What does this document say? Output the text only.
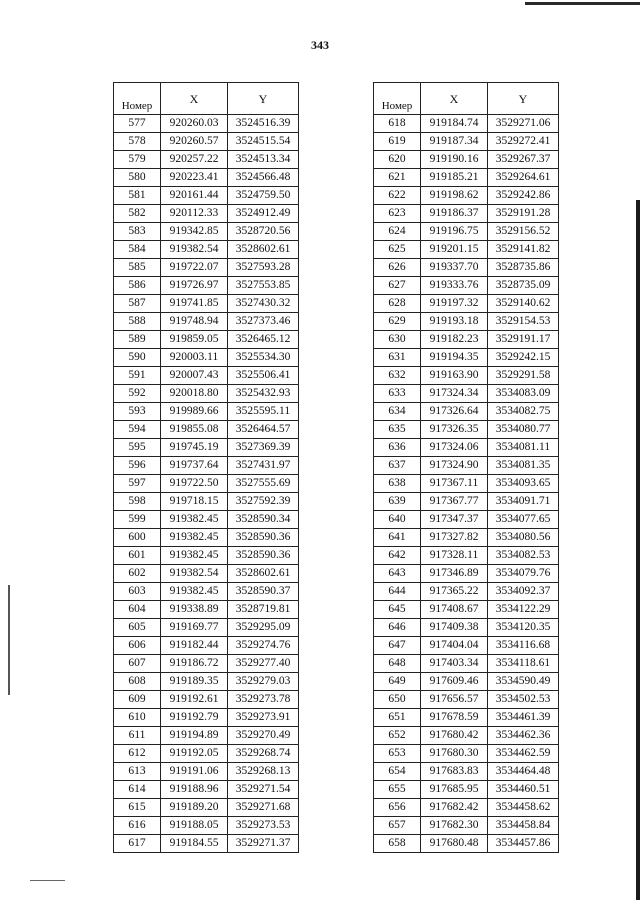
343
Номер	X	Y
577	920260.03	3524516.39
578	920260.57	3524515.54
579	920257.22	3524513.34
580	920223.41	3524566.48
581	920161.44	3524759.50
582	920112.33	3524912.49
583	919342.85	3528720.56
584	919382.54	3528602.61
585	919722.07	3527593.28
586	919726.97	3527553.85
587	919741.85	3527430.32
588	919748.94	3527373.46
589	919859.05	3526465.12
590	920003.11	3525534.30
591	920007.43	3525506.41
592	920018.80	3525432.93
593	919989.66	3525595.11
594	919855.08	3526464.57
595	919745.19	3527369.39
596	919737.64	3527431.97
597	919722.50	3527555.69
598	919718.15	3527592.39
599	919382.45	3528590.34
600	919382.45	3528590.36
601	919382.45	3528590.36
602	919382.54	3528602.61
603	919382.45	3528590.37
604	919338.89	3528719.81
605	919169.77	3529295.09
606	919182.44	3529274.76
607	919186.72	3529277.40
608	919189.35	3529279.03
609	919192.61	3529273.78
610	919192.79	3529273.91
611	919194.89	3529270.49
612	919192.05	3529268.74
613	919191.06	3529268.13
614	919188.96	3529271.54
615	919189.20	3529271.68
616	919188.05	3529273.53
617	919184.55	3529271.37
Номер	X	Y
618	919184.74	3529271.06
619	919187.34	3529272.41
620	919190.16	3529267.37
621	919185.21	3529264.61
622	919198.62	3529242.86
623	919186.37	3529191.28
624	919196.75	3529156.52
625	919201.15	3529141.82
626	919337.70	3528735.86
627	919333.76	3528735.09
628	919197.32	3529140.62
629	919193.18	3529154.53
630	919182.23	3529191.17
631	919194.35	3529242.15
632	919163.90	3529291.58
633	917324.34	3534083.09
634	917326.64	3534082.75
635	917326.35	3534080.77
636	917324.06	3534081.11
637	917324.90	3534081.35
638	917367.11	3534093.65
639	917367.77	3534091.71
640	917347.37	3534077.65
641	917327.82	3534080.56
642	917328.11	3534082.53
643	917346.89	3534079.76
644	917365.22	3534092.37
645	917408.67	3534122.29
646	917409.38	3534120.35
647	917404.04	3534116.68
648	917403.34	3534118.61
649	917609.46	3534590.49
650	917656.57	3534502.53
651	917678.59	3534461.39
652	917680.42	3534462.36
653	917680.30	3534462.59
654	917683.83	3534464.48
655	917685.95	3534460.51
656	917682.42	3534458.62
657	917682.30	3534458.84
658	917680.48	3534457.86
